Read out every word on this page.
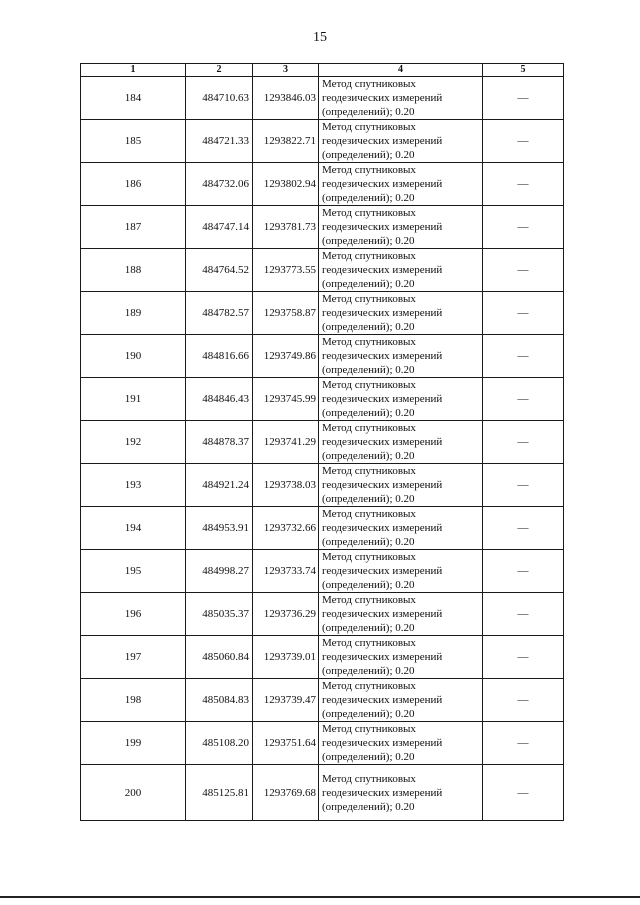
15
1	2	3	4	5
184	484710.63	1293846.03	Метод спутниковых геодезических измерений (определений); 0.20	—
185	484721.33	1293822.71	Метод спутниковых геодезических измерений (определений); 0.20	—
186	484732.06	1293802.94	Метод спутниковых геодезических измерений (определений); 0.20	—
187	484747.14	1293781.73	Метод спутниковых геодезических измерений (определений); 0.20	—
188	484764.52	1293773.55	Метод спутниковых геодезических измерений (определений); 0.20	—
189	484782.57	1293758.87	Метод спутниковых геодезических измерений (определений); 0.20	—
190	484816.66	1293749.86	Метод спутниковых геодезических измерений (определений); 0.20	—
191	484846.43	1293745.99	Метод спутниковых геодезических измерений (определений); 0.20	—
192	484878.37	1293741.29	Метод спутниковых геодезических измерений (определений); 0.20	—
193	484921.24	1293738.03	Метод спутниковых геодезических измерений (определений); 0.20	—
194	484953.91	1293732.66	Метод спутниковых геодезических измерений (определений); 0.20	—
195	484998.27	1293733.74	Метод спутниковых геодезических измерений (определений); 0.20	—
196	485035.37	1293736.29	Метод спутниковых геодезических измерений (определений); 0.20	—
197	485060.84	1293739.01	Метод спутниковых геодезических измерений (определений); 0.20	—
198	485084.83	1293739.47	Метод спутниковых геодезических измерений (определений); 0.20	—
199	485108.20	1293751.64	Метод спутниковых геодезических измерений (определений); 0.20	—
200	485125.81	1293769.68	Метод спутниковых геодезических измерений (определений); 0.20	—
